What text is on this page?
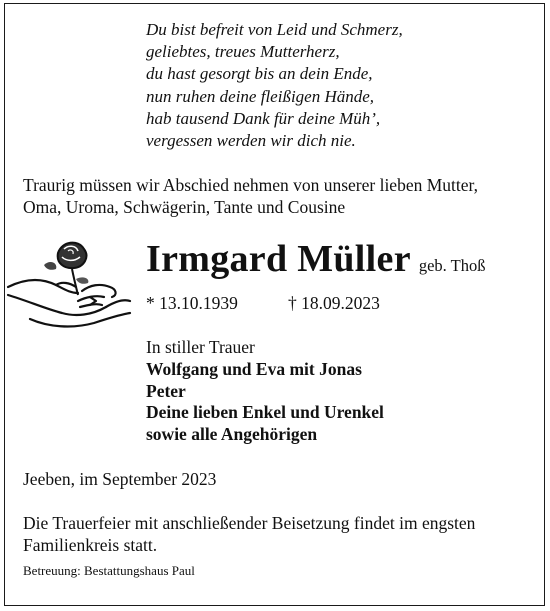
Du bist befreit von Leid und Schmerz,
geliebtes, treues Mutterherz,
du hast gesorgt bis an dein Ende,
nun ruhen deine fleißigen Hände,
hab tausend Dank für deine Müh’,
vergessen werden wir dich nie.
Traurig müssen wir Abschied nehmen von unserer lieben Mutter,
Oma, Uroma, Schwägerin, Tante und Cousine
Irmgard Müller geb. Thoß
* 13.10.1939	† 18.09.2023
In stiller Trauer
Wolfgang und Eva mit Jonas
Peter
Deine lieben Enkel und Urenkel
sowie alle Angehörigen
Jeeben, im September 2023
Die Trauerfeier mit anschließender Beisetzung findet im engsten
Familienkreis statt.
Betreuung: Bestattungshaus Paul
